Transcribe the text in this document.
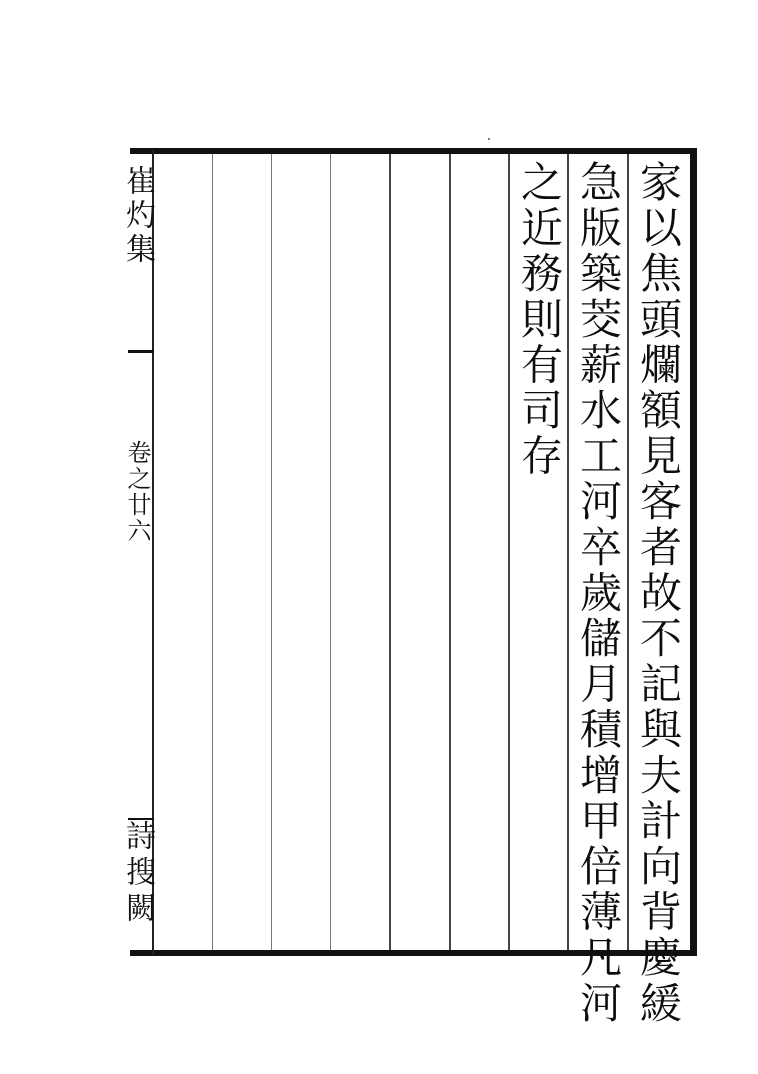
家以焦頭爛額見客者故不記與夫計向背慶緩
急版築茭薪水工河卒歲儲月積增甲倍薄凡河
之近務則有司存
崔灼集
卷之廿六
詩搜闕
